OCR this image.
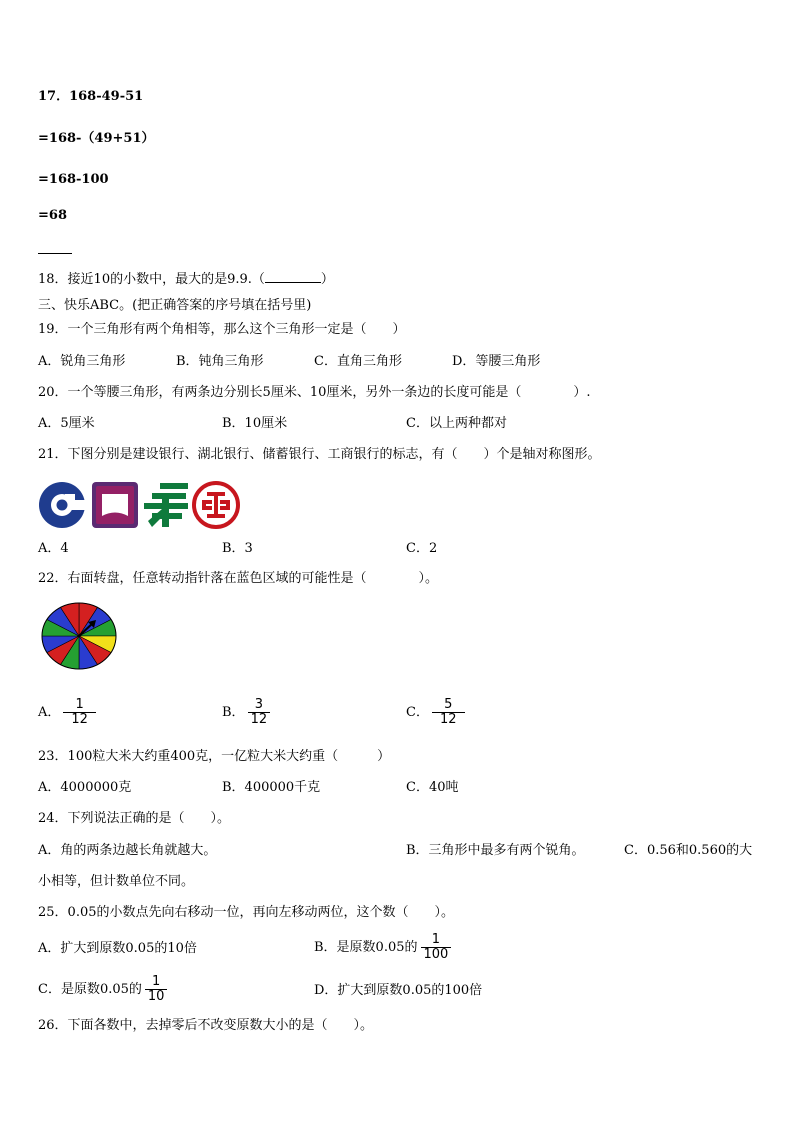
17．168-49-51
=168-（49+51）
=168-100
=68
18．接近10的小数中，最大的是9.9.（	）
三、快乐ABC。(把正确答案的序号填在括号里)
19．一个三角形有两个角相等，那么这个三角形一定是（　　）
A．锐角三角形	B．钝角三角形	C．直角三角形	D．等腰三角形
20．一个等腰三角形，有两条边分别长5厘米、10厘米，另外一条边的长度可能是（　　　　）.
A．5厘米	B．10厘米	C．以上两种都对
21．下图分别是建设银行、湖北银行、储蓄银行、工商银行的标志，有（　　）个是轴对称图形。
A．4	B．3	C．2
22．右面转盘，任意转动指针落在蓝色区域的可能性是（　　　　）。
A． $\frac{1}{12}$	B． $\frac{3}{12}$	C． $\frac{5}{12}$
23．100粒大米大约重400克，一亿粒大米大约重（　　　）
A．4000000克	B．400000千克	C．40吨
24．下列说法正确的是（　　）。
A．角的两条边越长角就越大。	B．三角形中最多有两个锐角。	C．0.56和0.560的大
小相等，但计数单位不同。
25．0.05的小数点先向右移动一位，再向左移动两位，这个数（　　）。
A．扩大到原数0.05的10倍	B．是原数0.05的 $\frac{1}{100}$
C．是原数0.05的 $\frac{1}{10}$	D．扩大到原数0.05的100倍
26．下面各数中，去掉零后不改变原数大小的是（　　）。
